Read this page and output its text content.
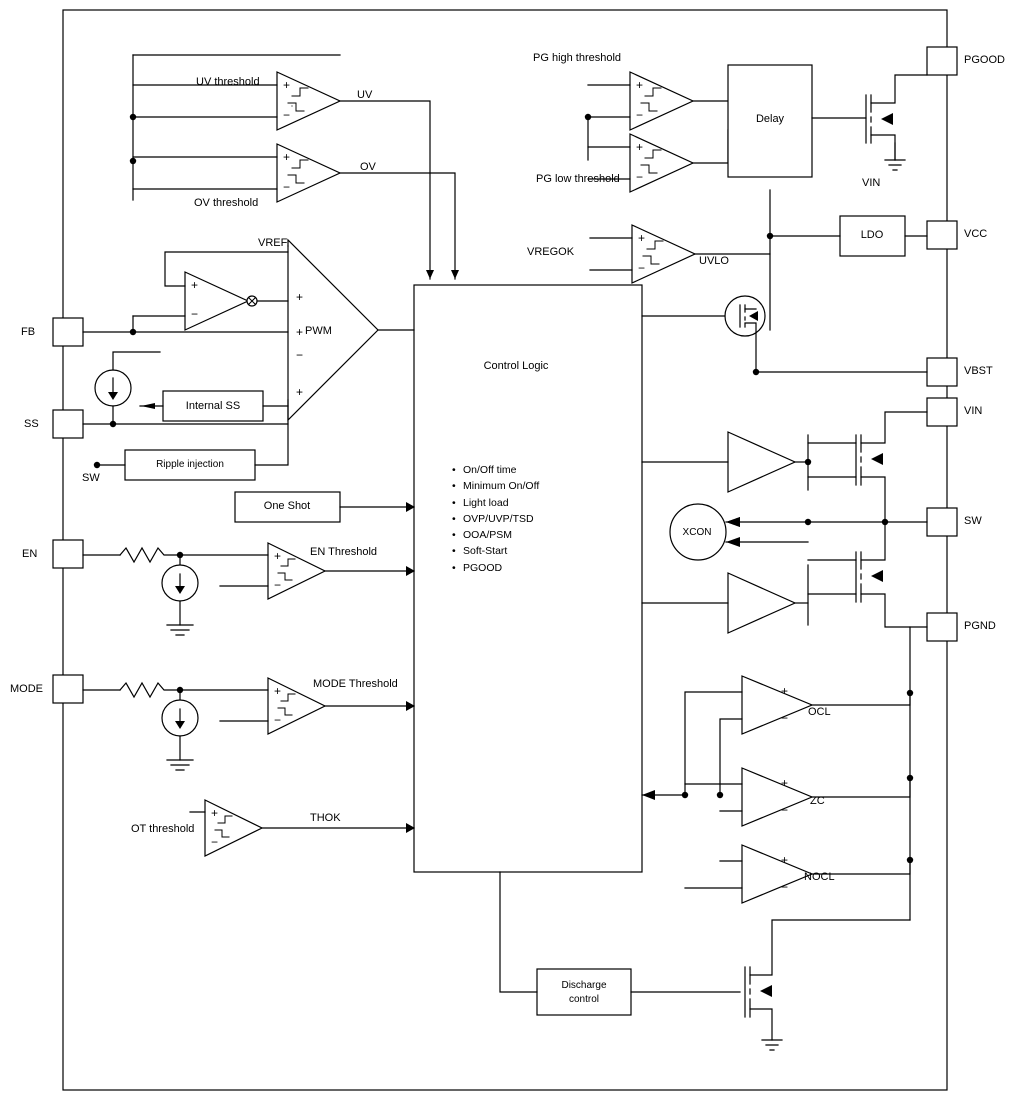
FB
SS
EN
MODE
PGOOD
VCC
VBST
VIN
SW
PGND
UV threshold
UV
OV threshold
OV
PG high threshold
PG low threshold
VREGOK
UVLO
VIN
VREF
PWM
SW
EN Threshold
MODE Threshold
OT threshold
THOK
OCL
ZC
NOCL
Delay
LDO
Internal SS
Ripple injection
One Shot
XCON
Discharge
control
Control Logic
• On/Off time
• Minimum On/Off
• Light load
• OVP/UVP/TSD
• OOA/PSM
• Soft-Start
• PGOOD
+
−
+
−
+
−
+
−
+
−
+
−
+
+
−
+
+
−
+
−
+
−
+
−
+
−
+
−
